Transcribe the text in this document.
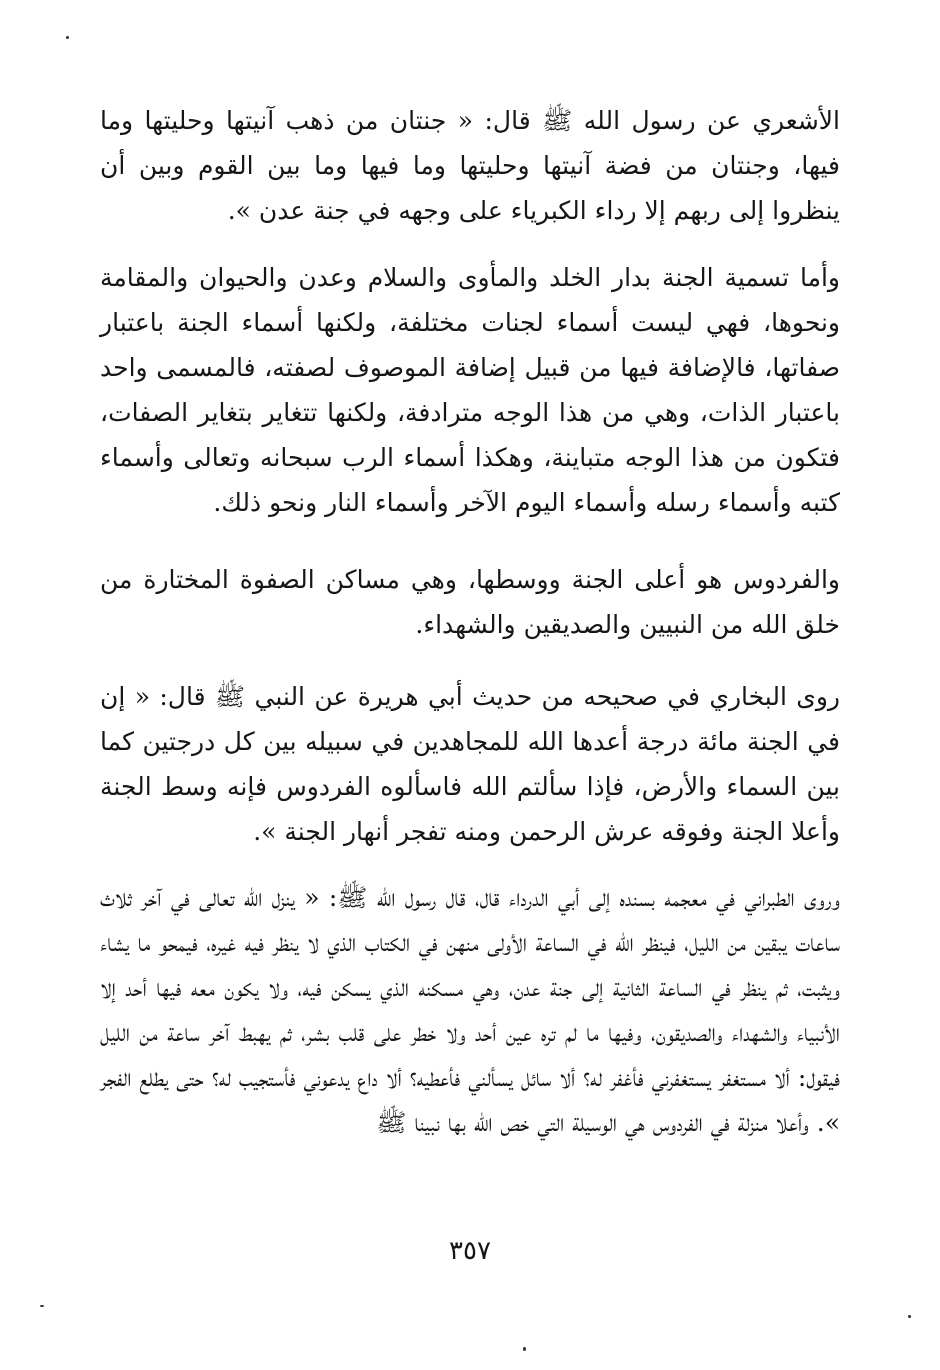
الأشعري عن رسول الله ﷺ قال: « جنتان من ذهب آنيتها وحليتها وما فيها، وجنتان من فضة آنيتها وحليتها وما فيها وما بين القوم وبين أن ينظروا إلى ربهم إلا رداء الكبرياء على وجهه في جنة عدن ».

وأما تسمية الجنة بدار الخلد والمأوى والسلام وعدن والحيوان والمقامة ونحوها، فهي ليست أسماء لجنات مختلفة، ولكنها أسماء الجنة باعتبار صفاتها، فالإضافة فيها من قبيل إضافة الموصوف لصفته، فالمسمى واحد باعتبار الذات، وهي من هذا الوجه مترادفة، ولكنها تتغاير بتغاير الصفات، فتكون من هذا الوجه متباينة، وهكذا أسماء الرب سبحانه وتعالى وأسماء كتبه وأسماء رسله وأسماء اليوم الآخر وأسماء النار ونحو ذلك.

والفردوس هو أعلى الجنة ووسطها، وهي مساكن الصفوة المختارة من خلق الله من النبيين والصديقين والشهداء.

روى البخاري في صحيحه من حديث أبي هريرة عن النبي ﷺ قال: « إن في الجنة مائة درجة أعدها الله للمجاهدين في سبيله بين كل درجتين كما بين السماء والأرض، فإذا سألتم الله فاسألوه الفردوس فإنه وسط الجنة وأعلا الجنة وفوقه عرش الرحمن ومنه تفجر أنهار الجنة ».

وروى الطبراني في معجمه بسنده إلى أبي الدرداء قال، قال رسول الله ﷺ: « ينزل الله تعالى في آخر ثلاث ساعات يبقين من الليل، فينظر الله في الساعة الأولى منهن في الكتاب الذي لا ينظر فيه غيره، فيمحو ما يشاء ويثبت، ثم ينظر في الساعة الثانية إلى جنة عدن، وهي مسكنه الذي يسكن فيه، ولا يكون معه فيها أحد إلا الأنبياء والشهداء والصديقون، وفيها ما لم تره عين أحد ولا خطر على قلب بشر، ثم يهبط آخر ساعة من الليل فيقول: ألا مستغفر يستغفرني فأغفر له؟ ألا سائل يسألني فأعطيه؟ ألا داع يدعوني فأستجيب له؟ حتى يطلع الفجر ». وأعلا منزلة في الفردوس هي الوسيلة التي خص الله بها نبينا ﷺ

٣٥٧
